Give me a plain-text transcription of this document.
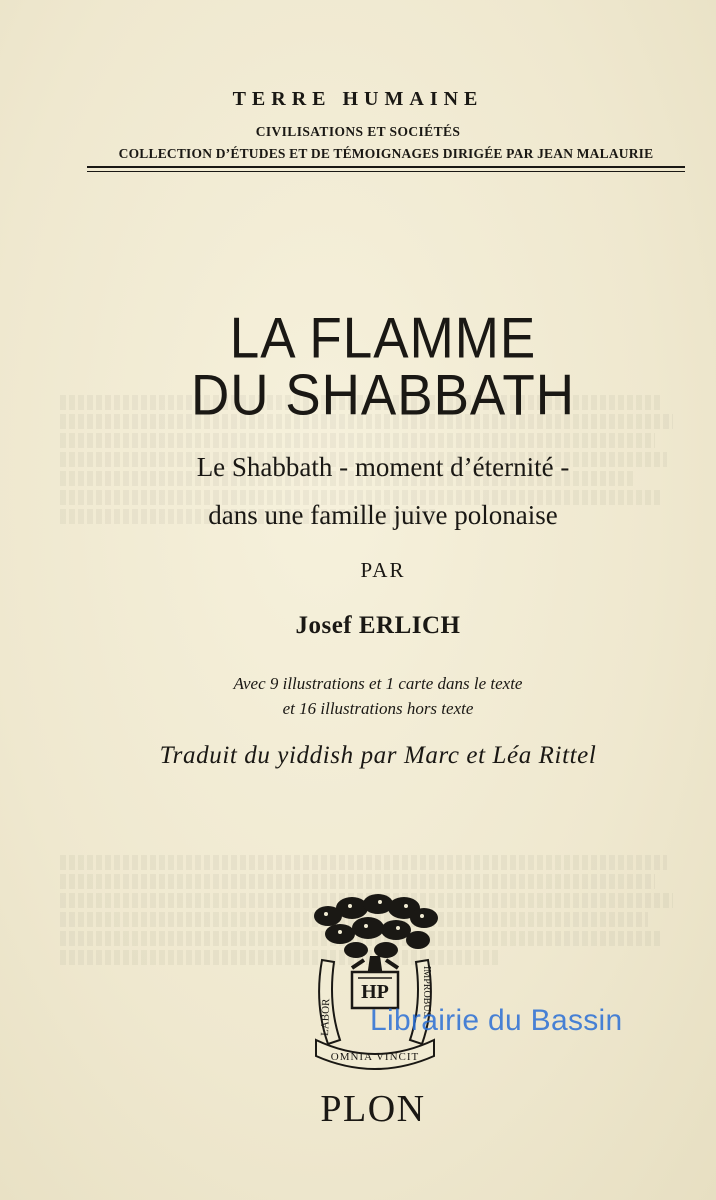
TERRE HUMAINE
CIVILISATIONS ET SOCIÉTÉS
COLLECTION D’ÉTUDES ET DE TÉMOIGNAGES DIRIGÉE PAR JEAN MALAURIE
LA FLAMME
DU SHABBATH
Le Shabbath - moment d’éternité -
dans une famille juive polonaise
PAR
Josef ERLICH
Avec 9 illustrations et 1 carte dans le texte
et 16 illustrations hors texte
Traduit du yiddish par Marc et Léa Rittel
HP
LABOR
IMPROBUS
OMNIA VINCIT
Librairie du Bassin
PLON
